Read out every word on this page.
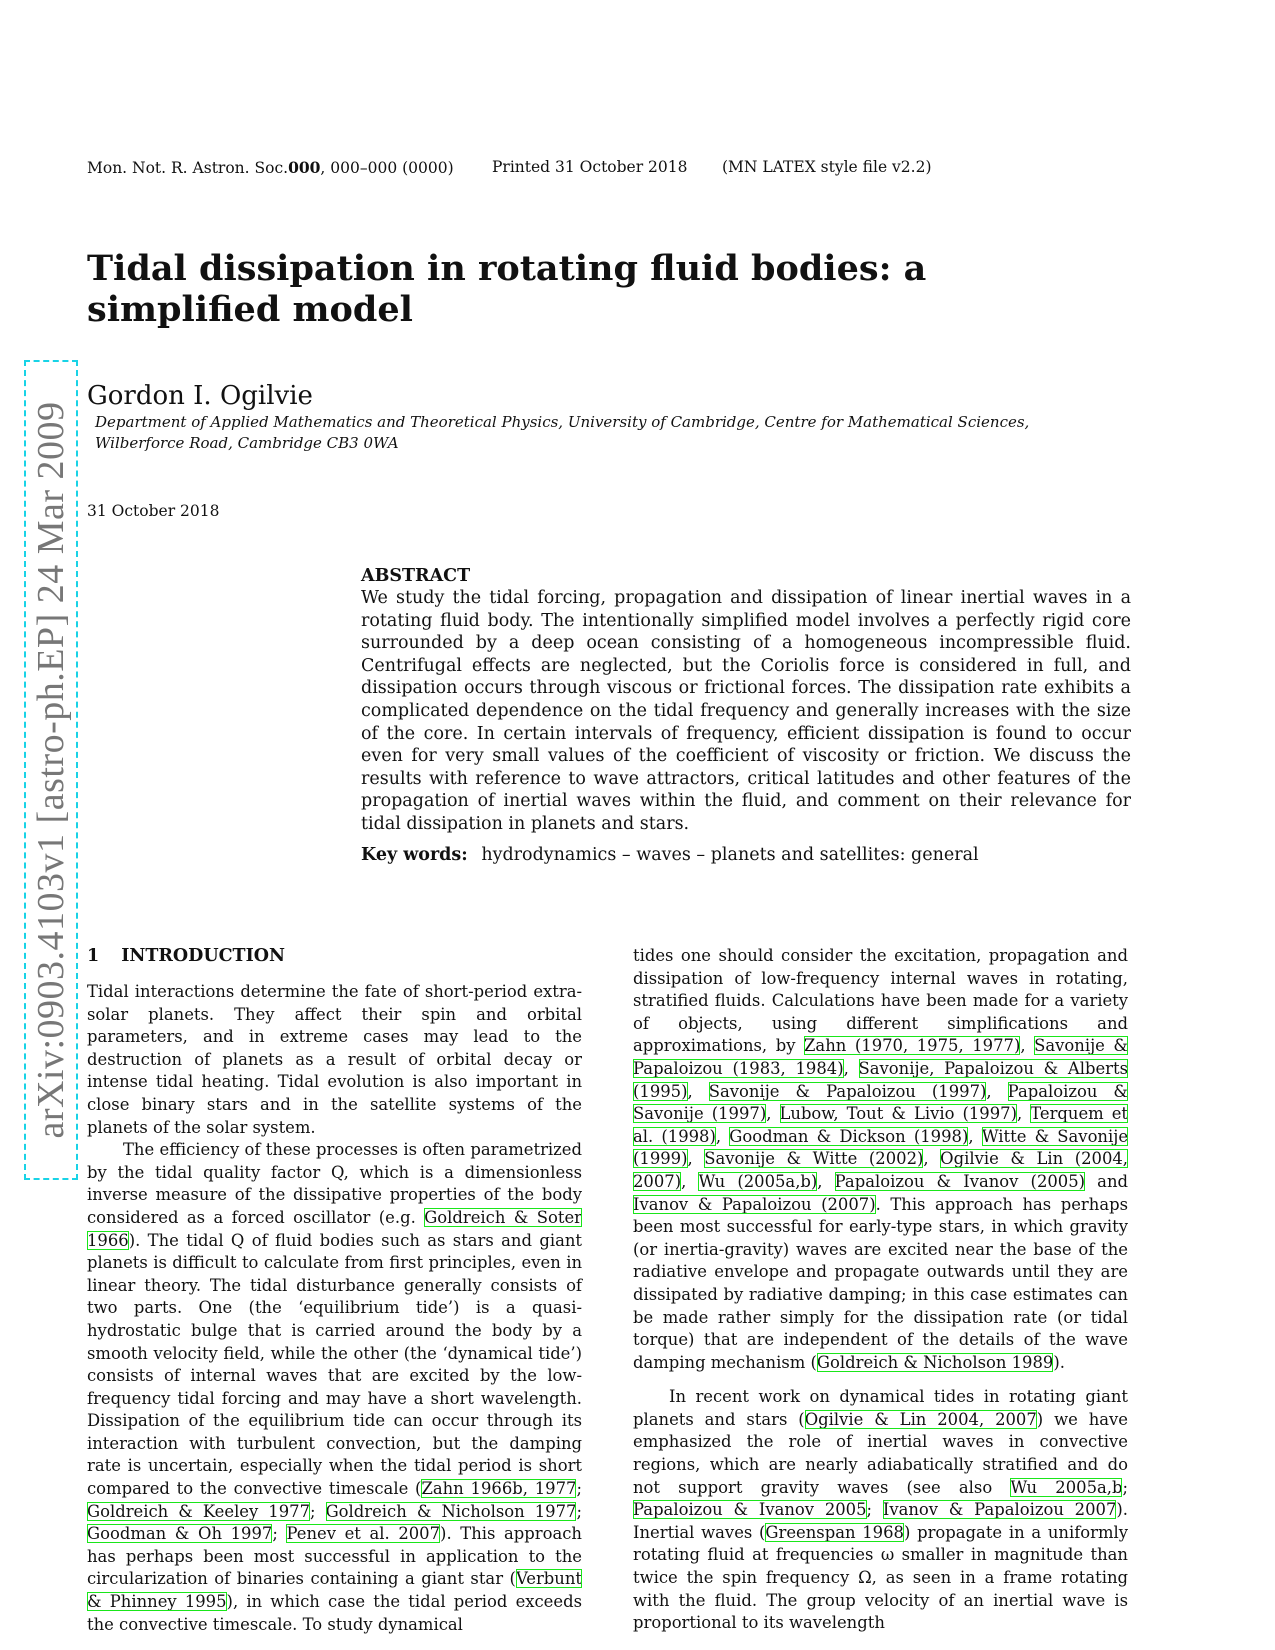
Mon. Not. R. Astron. Soc.000, 000–000 (0000) Printed 31 October 2018 (MN LATEX style file v2.2)
arXiv:0903.4103v1 [astro-ph.EP] 24 Mar 2009
Tidal dissipation in rotating fluid bodies: a simplified model
Gordon I. Ogilvie
Department of Applied Mathematics and Theoretical Physics, University of Cambridge, Centre for Mathematical Sciences, Wilberforce Road, Cambridge CB3 0WA
31 October 2018
ABSTRACT

We study the tidal forcing, propagation and dissipation of linear inertial waves in a rotating fluid body. The intentionally simplified model involves a perfectly rigid core surrounded by a deep ocean consisting of a homogeneous incompressible fluid. Centrifugal effects are neglected, but the Coriolis force is considered in full, and dissipation occurs through viscous or frictional forces. The dissipation rate exhibits a complicated dependence on the tidal frequency and generally increases with the size of the core. In certain intervals of frequency, efficient dissipation is found to occur even for very small values of the coefficient of viscosity or friction. We discuss the results with reference to wave attractors, critical latitudes and other features of the propagation of inertial waves within the fluid, and comment on their relevance for tidal dissipation in planets and stars.

Key words: hydrodynamics – waves – planets and satellites: general
1 INTRODUCTION

Tidal interactions determine the fate of short-period extra-solar planets. They affect their spin and orbital parameters, and in extreme cases may lead to the destruction of planets as a result of orbital decay or intense tidal heating. Tidal evolution is also important in close binary stars and in the satellite systems of the planets of the solar system.

The efficiency of these processes is often parametrized by the tidal quality factor Q, which is a dimensionless inverse measure of the dissipative properties of the body considered as a forced oscillator (e.g. Goldreich & Soter 1966). The tidal Q of fluid bodies such as stars and giant planets is difficult to calculate from first principles, even in linear theory. The tidal disturbance generally consists of two parts. One (the ‘equilibrium tide’) is a quasi-hydrostatic bulge that is carried around the body by a smooth velocity field, while the other (the ‘dynamical tide’) consists of internal waves that are excited by the low-frequency tidal forcing and may have a short wavelength. Dissipation of the equilibrium tide can occur through its interaction with turbulent convection, but the damping rate is uncertain, especially when the tidal period is short compared to the convective timescale (Zahn 1966b, 1977; Goldreich & Keeley 1977; Goldreich & Nicholson 1977; Goodman & Oh 1997; Penev et al. 2007). This approach has perhaps been most successful in application to the circularization of binaries containing a giant star (Verbunt & Phinney 1995), in which case the tidal period exceeds the convective timescale. To study dynamical

tides one should consider the excitation, propagation and dissipation of low-frequency internal waves in rotating, stratified fluids. Calculations have been made for a variety of objects, using different simplifications and approximations, by Zahn (1970, 1975, 1977), Savonije & Papaloizou (1983, 1984), Savonije, Papaloizou & Alberts (1995), Savonije & Papaloizou (1997), Papaloizou & Savonije (1997), Lubow, Tout & Livio (1997), Terquem et al. (1998), Goodman & Dickson (1998), Witte & Savonije (1999), Savonije & Witte (2002), Ogilvie & Lin (2004, 2007), Wu (2005a,b), Papaloizou & Ivanov (2005) and Ivanov & Papaloizou (2007). This approach has perhaps been most successful for early-type stars, in which gravity (or inertia-gravity) waves are excited near the base of the radiative envelope and propagate outwards until they are dissipated by radiative damping; in this case estimates can be made rather simply for the dissipation rate (or tidal torque) that are independent of the details of the wave damping mechanism (Goldreich & Nicholson 1989).

In recent work on dynamical tides in rotating giant planets and stars (Ogilvie & Lin 2004, 2007) we have emphasized the role of inertial waves in convective regions, which are nearly adiabatically stratified and do not support gravity waves (see also Wu 2005a,b; Papaloizou & Ivanov 2005; Ivanov & Papaloizou 2007). Inertial waves (Greenspan 1968) propagate in a uniformly rotating fluid at frequencies ω smaller in magnitude than twice the spin frequency Ω, as seen in a frame rotating with the fluid. The group velocity of an inertial wave is proportional to its wavelength
